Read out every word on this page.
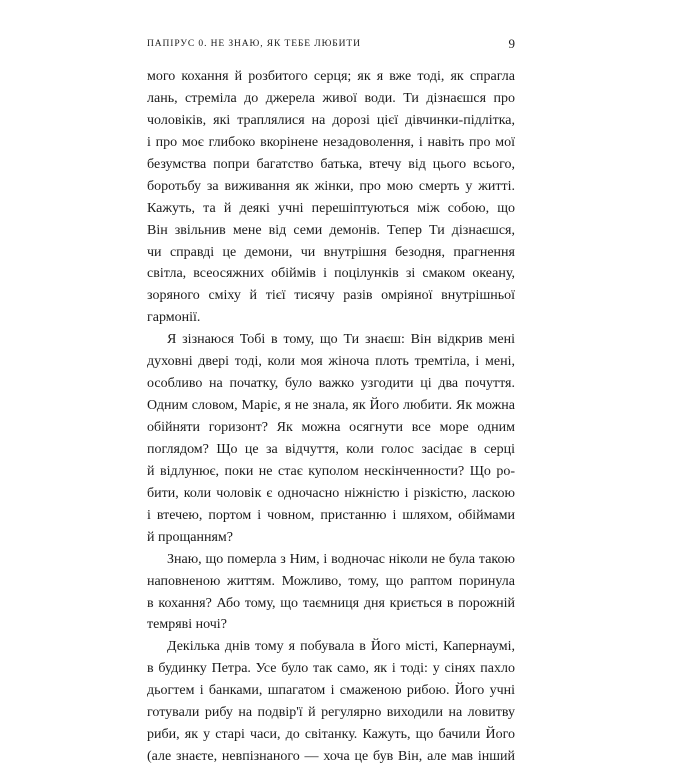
ПАПІРУС 0. НЕ ЗНАЮ, ЯК ТЕБЕ ЛЮБИТИ	9
мого кохання й розбитого серця; як я вже тоді, як спрагла
лань, стреміла до джерела живої води. Ти дізнаєшся про
чоловіків, які траплялися на дорозі цієї дівчинки-підлітка,
і про моє глибоко вкорінене незадоволення, і навіть про мої
безумства попри багатство батька, втечу від цього всього,
боротьбу за виживання як жінки, про мою смерть у житті.
Кажуть, та й деякі учні перешіптуються між собою, що
Він звільнив мене від семи демонів. Тепер Ти дізнаєшся,
чи справді це демони, чи внутрішня безодня, прагнення
світла, всеосяжних обіймів і поцілунків зі смаком океану,
зоряного сміху й тієї тисячу разів омріяної внутрішньої
гармонії.
Я зізнаюся Тобі в тому, що Ти знаєш: Він відкрив мені
духовні двері тоді, коли моя жіноча плоть тремтіла, і мені,
особливо на початку, було важко узгодити ці два почуття.
Одним словом, Маріє, я не знала, як Його любити. Як можна
обійняти горизонт? Як можна осягнути все море одним
поглядом? Що це за відчуття, коли голос засідає в серці
й відлунює, поки не стає куполом нескінченности? Що ро-
бити, коли чоловік є одночасно ніжністю і різкістю, ласкою
і втечею, портом і човном, пристанню і шляхом, обіймами
й прощанням?
Знаю, що померла з Ним, і водночас ніколи не була такою
наповненою життям. Можливо, тому, що раптом поринула
в кохання? Або тому, що таємниця дня криється в порожній
темряві ночі?
Декілька днів тому я побувала в Його місті, Капернаумі,
в будинку Петра. Усе було так само, як і тоді: у сінях пахло
дьогтем і банками, шпагатом і смаженою рибою. Його учні
готували рибу на подвір'ї й регулярно виходили на ловитву
риби, як у старі часи, до світанку. Кажуть, що бачили Його
(але знаєте, невпізнаного — хоча це був Він, але мав інший
